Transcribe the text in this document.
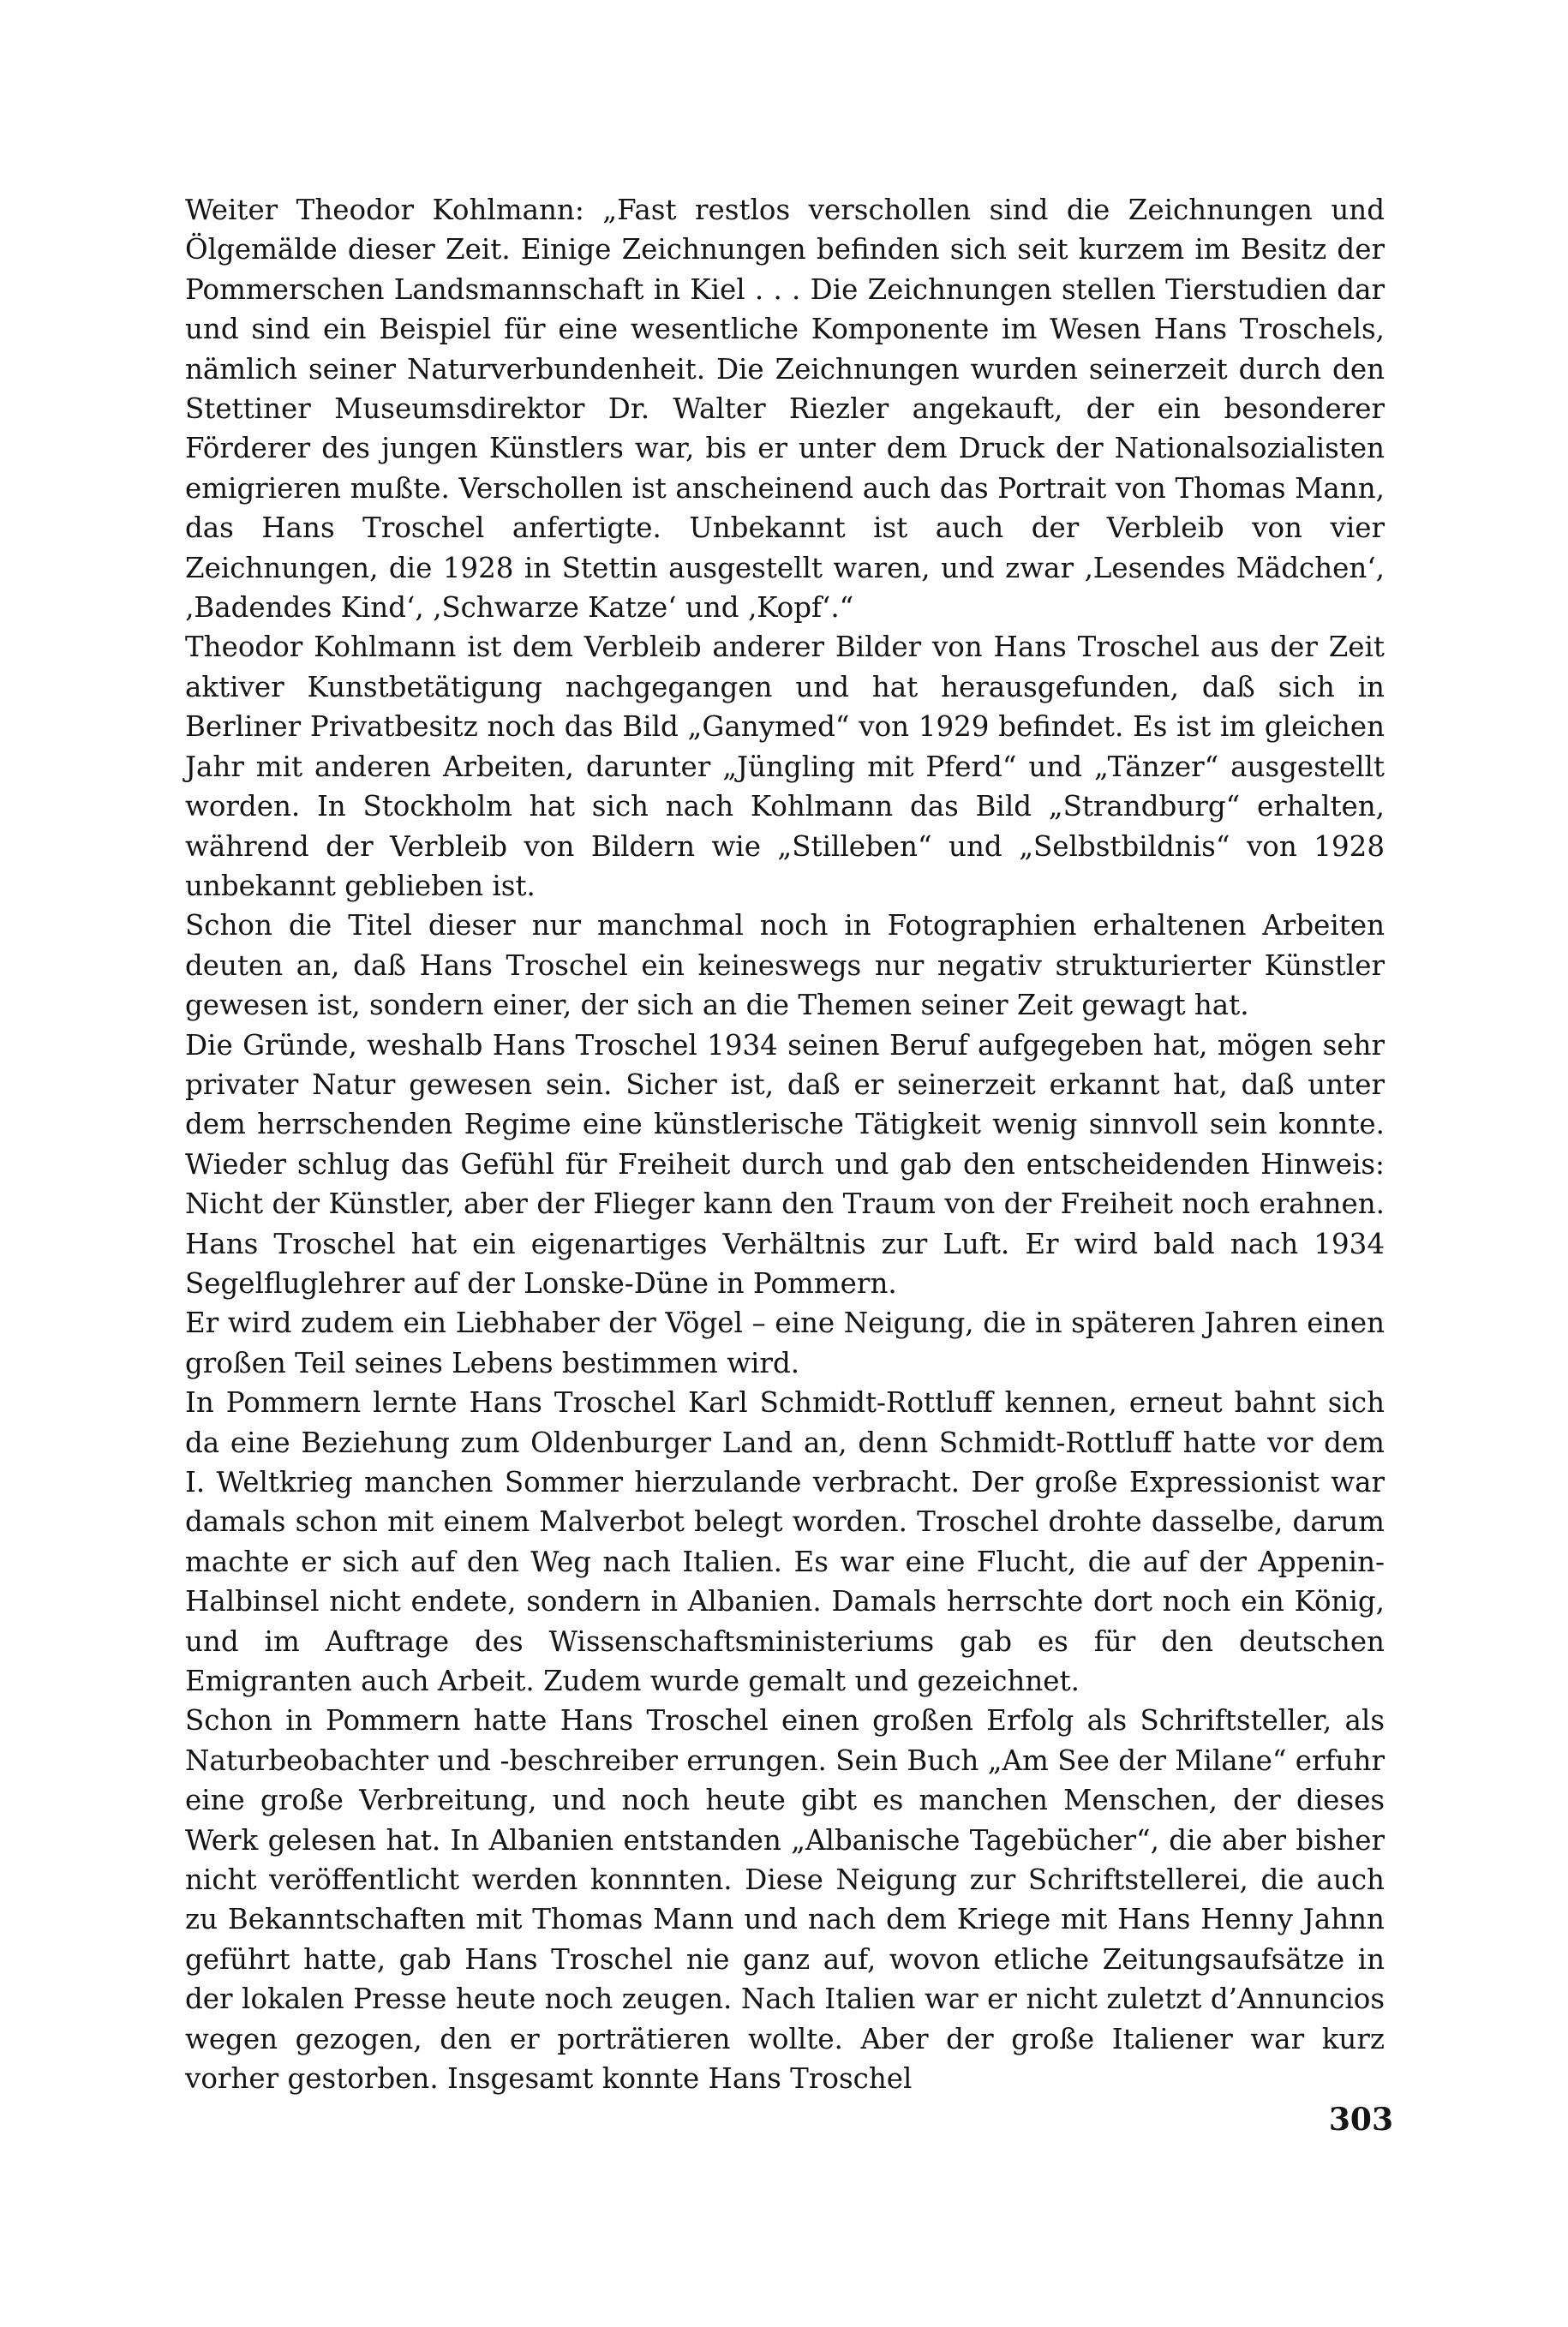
Weiter Theodor Kohlmann: „Fast restlos verschollen sind die Zeichnungen und Ölgemälde dieser Zeit. Einige Zeichnungen befinden sich seit kurzem im Besitz der Pommerschen Landsmannschaft in Kiel . . . Die Zeichnungen stellen Tierstudien dar und sind ein Beispiel für eine wesentliche Komponente im Wesen Hans Troschels, nämlich seiner Naturverbundenheit. Die Zeichnungen wurden seinerzeit durch den Stettiner Museumsdirektor Dr. Walter Riezler angekauft, der ein besonderer Förderer des jungen Künstlers war, bis er unter dem Druck der Nationalsozialisten emigrieren mußte. Verschollen ist anscheinend auch das Portrait von Thomas Mann, das Hans Troschel anfertigte. Unbekannt ist auch der Verbleib von vier Zeichnungen, die 1928 in Stettin ausgestellt waren, und zwar ‚Lesendes Mädchen‘, ‚Badendes Kind‘, ‚Schwarze Katze‘ und ‚Kopf‘.“

Theodor Kohlmann ist dem Verbleib anderer Bilder von Hans Troschel aus der Zeit aktiver Kunstbetätigung nachgegangen und hat herausgefunden, daß sich in Berliner Privatbesitz noch das Bild „Ganymed“ von 1929 befindet. Es ist im gleichen Jahr mit anderen Arbeiten, darunter „Jüngling mit Pferd“ und „Tänzer“ ausgestellt worden. In Stockholm hat sich nach Kohlmann das Bild „Strandburg“ erhalten, während der Verbleib von Bildern wie „Stilleben“ und „Selbstbildnis“ von 1928 unbekannt geblieben ist.

Schon die Titel dieser nur manchmal noch in Fotographien erhaltenen Arbeiten deuten an, daß Hans Troschel ein keineswegs nur negativ strukturierter Künstler gewesen ist, sondern einer, der sich an die Themen seiner Zeit gewagt hat.

Die Gründe, weshalb Hans Troschel 1934 seinen Beruf aufgegeben hat, mögen sehr privater Natur gewesen sein. Sicher ist, daß er seinerzeit erkannt hat, daß unter dem herrschenden Regime eine künstlerische Tätigkeit wenig sinnvoll sein konnte. Wieder schlug das Gefühl für Freiheit durch und gab den entscheidenden Hinweis: Nicht der Künstler, aber der Flieger kann den Traum von der Freiheit noch erahnen. Hans Troschel hat ein eigenartiges Verhältnis zur Luft. Er wird bald nach 1934 Segelfluglehrer auf der Lonske-Düne in Pommern.

Er wird zudem ein Liebhaber der Vögel – eine Neigung, die in späteren Jahren einen großen Teil seines Lebens bestimmen wird.

In Pommern lernte Hans Troschel Karl Schmidt-Rottluff kennen, erneut bahnt sich da eine Beziehung zum Oldenburger Land an, denn Schmidt-Rottluff hatte vor dem I. Weltkrieg manchen Sommer hierzulande verbracht. Der große Expressionist war damals schon mit einem Malverbot belegt worden. Troschel drohte dasselbe, darum machte er sich auf den Weg nach Italien. Es war eine Flucht, die auf der Appenin-Halbinsel nicht endete, sondern in Albanien. Damals herrschte dort noch ein König, und im Auftrage des Wissenschaftsministeriums gab es für den deutschen Emigranten auch Arbeit. Zudem wurde gemalt und gezeichnet.

Schon in Pommern hatte Hans Troschel einen großen Erfolg als Schriftsteller, als Naturbeobachter und -beschreiber errungen. Sein Buch „Am See der Milane“ erfuhr eine große Verbreitung, und noch heute gibt es manchen Menschen, der dieses Werk gelesen hat. In Albanien entstanden „Albanische Tagebücher“, die aber bisher nicht veröffentlicht werden konnnten. Diese Neigung zur Schriftstellerei, die auch zu Bekanntschaften mit Thomas Mann und nach dem Kriege mit Hans Henny Jahnn geführt hatte, gab Hans Troschel nie ganz auf, wovon etliche Zeitungsaufsätze in der lokalen Presse heute noch zeugen. Nach Italien war er nicht zuletzt d’Annuncios wegen gezogen, den er porträtieren wollte. Aber der große Italiener war kurz vorher gestorben. Insgesamt konnte Hans Troschel

303
